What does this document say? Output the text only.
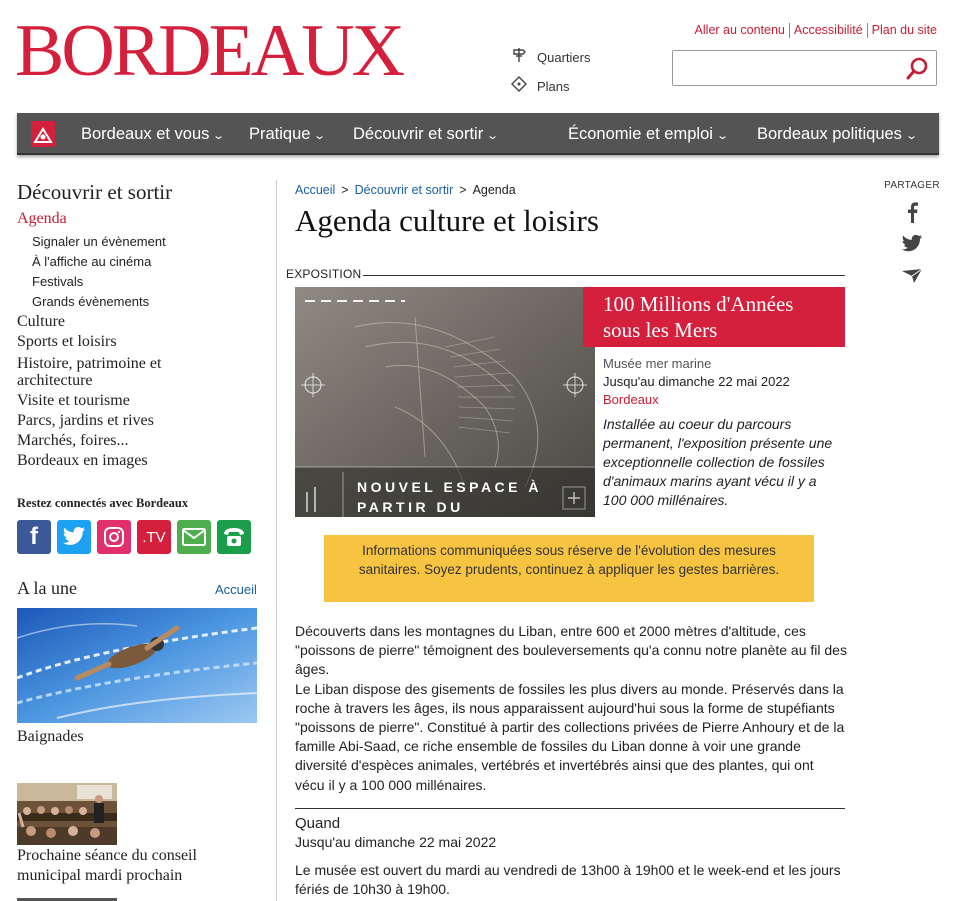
BORDEAUX	Quartiers
Plans
Aller au contenu Accessibilité Plan du site
Bordeaux et vous ⌄ Pratique ⌄ Découvrir et sortir ⌄	Économie et emploi ⌄ Bordeaux politiques ⌄
Découvrir et sortir
Agenda
Signaler un évènement
À l'affiche au cinéma
Festivals
Grands évènements
Culture
Sports et loisirs
Histoire, patrimoine et architecture
Visite et tourisme
Parcs, jardins et rives
Marchés, foires...
Bordeaux en images
Restez connectés avec Bordeaux
f	.TV
A la une	Accueil
Baignades
Prochaine séance du conseil municipal mardi prochain
Accueil > Découvrir et sortir > Agenda
Agenda culture et loisirs
EXPOSITION
NOUVEL ESPACE À PARTIR DU
100 Millions d'Années sous les Mers
Musée mer marine
Jusqu'au dimanche 22 mai 2022
Bordeaux
Installée au coeur du parcours permanent, l'exposition présente une exceptionnelle collection de fossiles d'animaux marins ayant vécu il y a 100 000 millénaires.
Informations communiquées sous réserve de l'évolution des mesures sanitaires. Soyez prudents, continuez à appliquer les gestes barrières.

Découverts dans les montagnes du Liban, entre 600 et 2000 mètres d'altitude, ces "poissons de pierre" témoignent des bouleversements qu'a connu notre planète au fil des âges.

Le Liban dispose des gisements de fossiles les plus divers au monde. Préservés dans la roche à travers les âges, ils nous apparaissent aujourd'hui sous la forme de stupéfiants "poissons de pierre". Constitué à partir des collections privées de Pierre Anhoury et de la famille Abi-Saad, ce riche ensemble de fossiles du Liban donne à voir une grande diversité d'espèces animales, vertébrés et invertébrés ainsi que des plantes, qui ont vécu il y a 100 000 millénaires.

Quand
Jusqu'au dimanche 22 mai 2022
Le musée est ouvert du mardi au vendredi de 13h00 à 19h00 et le week-end et les jours fériés de 10h30 à 19h00.
PARTAGER
